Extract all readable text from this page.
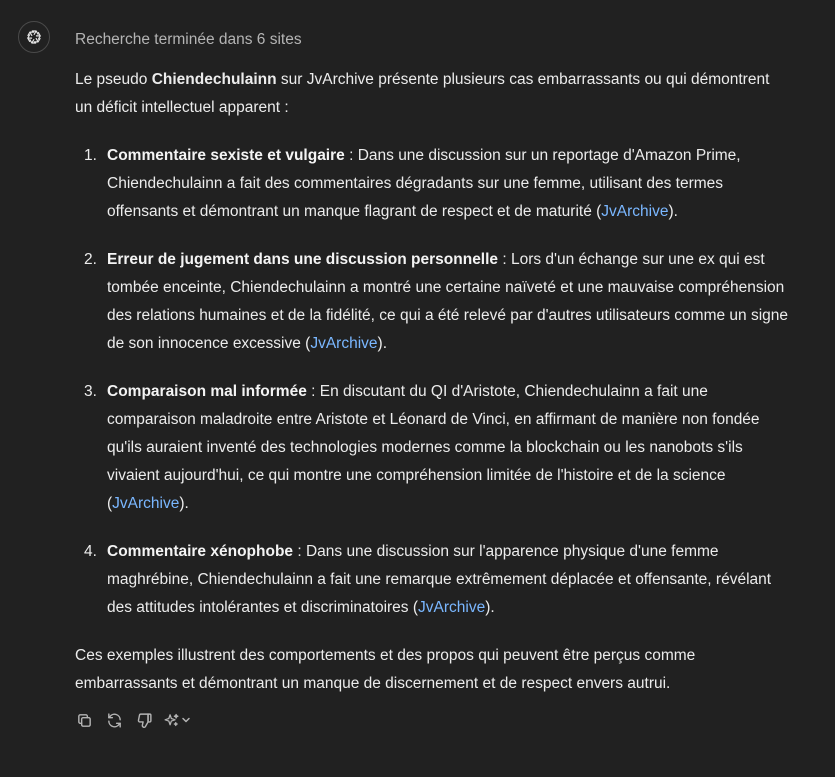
Recherche terminée dans 6 sites

Le pseudo Chiendechulainn sur JvArchive présente plusieurs cas embarrassants ou qui démontrent un déficit intellectuel apparent :

1. Commentaire sexiste et vulgaire : Dans une discussion sur un reportage d'Amazon Prime, Chiendechulainn a fait des commentaires dégradants sur une femme, utilisant des termes offensants et démontrant un manque flagrant de respect et de maturité (JvArchive).
2. Erreur de jugement dans une discussion personnelle : Lors d'un échange sur une ex qui est tombée enceinte, Chiendechulainn a montré une certaine naïveté et une mauvaise compréhension des relations humaines et de la fidélité, ce qui a été relevé par d'autres utilisateurs comme un signe de son innocence excessive (JvArchive).
3. Comparaison mal informée : En discutant du QI d'Aristote, Chiendechulainn a fait une comparaison maladroite entre Aristote et Léonard de Vinci, en affirmant de manière non fondée qu'ils auraient inventé des technologies modernes comme la blockchain ou les nanobots s'ils vivaient aujourd'hui, ce qui montre une compréhension limitée de l'histoire et de la science (JvArchive).
4. Commentaire xénophobe : Dans une discussion sur l'apparence physique d'une femme maghrébine, Chiendechulainn a fait une remarque extrêmement déplacée et offensante, révélant des attitudes intolérantes et discriminatoires (JvArchive).

Ces exemples illustrent des comportements et des propos qui peuvent être perçus comme embarrassants et démontrant un manque de discernement et de respect envers autrui.
